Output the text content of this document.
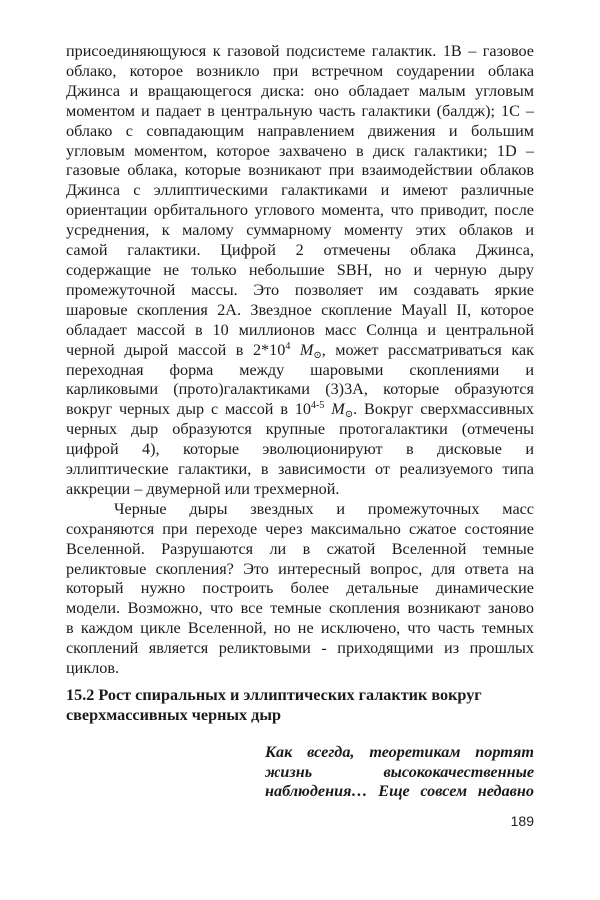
присоединяющуюся к газовой подсистеме галактик. 1B – газовое
облако, которое возникло при встречном соударении облака
Джинса и вращающегося диска: оно обладает малым угловым
моментом и падает в центральную часть галактики (балдж); 1C –
облако с совпадающим направлением движения и большим
угловым моментом, которое захвачено в диск галактики; 1D –
газовые облака, которые возникают при взаимодействии облаков
Джинса с эллиптическими галактиками и имеют различные
ориентации орбитального углового момента, что приводит, после
усреднения, к малому суммарному моменту этих облаков и
самой галактики. Цифрой 2 отмечены облака Джинса,
содержащие не только небольшие SBH, но и черную дыру
промежуточной массы. Это позволяет им создавать яркие
шаровые скопления 2A. Звездное скопление Mayall II, которое
обладает массой в 10 миллионов масс Солнца и центральной
черной дырой массой в $2*10^4$ $M_⊙$, может рассматриваться как
переходная форма между шаровыми скоплениями и
карликовыми (прото)галактиками (3)3A, которые образуются
вокруг черных дыр с массой в 10$^{4-5}$ $M_⊙$. Вокруг сверхмассивных
черных дыр образуются крупные протогалактики (отмечены
цифрой 4), которые эволюционируют в дисковые и
эллиптические галактики, в зависимости от реализуемого типа
аккреции – двумерной или трехмерной.

Черные дыры звездных и промежуточных масс
сохраняются при переходе через максимально сжатое состояние
Вселенной. Разрушаются ли в сжатой Вселенной темные
реликтовые скопления? Это интересный вопрос, для ответа на
который нужно построить более детальные динамические
модели. Возможно, что все темные скопления возникают заново
в каждом цикле Вселенной, но не исключено, что часть темных
скоплений является реликтовыми - приходящими из прошлых
циклов.

15.2 Рост спиральных и эллиптических галактик вокруг
сверхмассивных черных дыр
Как всегда, теоретикам портят
жизнь высококачественные
наблюдения… Еще совсем недавно
189
